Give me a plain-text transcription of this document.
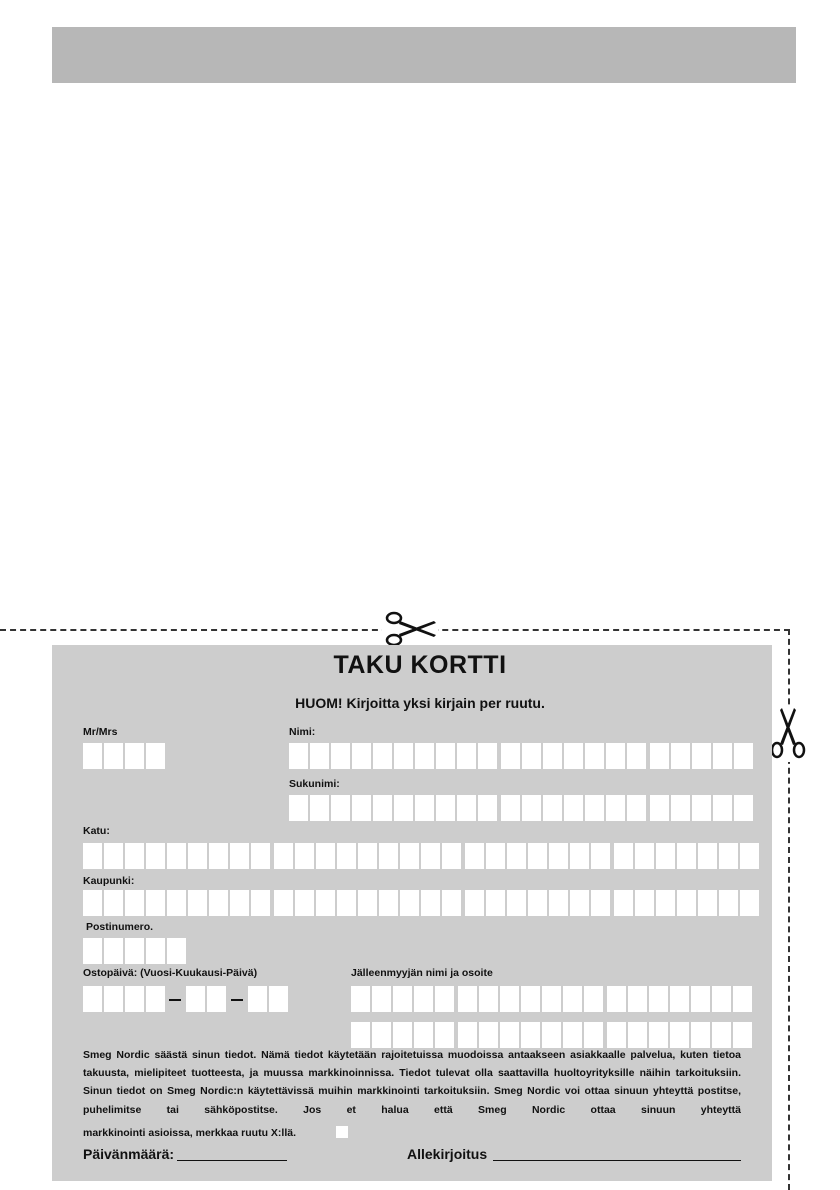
TAKU KORTTI
HUOM! Kirjoitta yksi kirjain per ruutu.
Mr/Mrs	Nimi:
Sukunimi:
Katu:
Kaupunki:
Postinumero.
Ostopäivä: (Vuosi-Kuukausi-Päivä)	Jälleenmyyjän nimi ja osoite
Smeg Nordic säästä sinun tiedot. Nämä tiedot käytetään rajoitetuissa muodoissa antaakseen asiakkaalle palvelua, kuten tietoa takuusta, mielipiteet tuotteesta, ja muussa markkinoinnissa. Tiedot tulevat olla saattavilla huoltoyrityksille näihin tarkoituksiin. Sinun tiedot on Smeg Nordic:n käytettävissä muihin markkinointi tarkoituksiin. Smeg Nordic voi ottaa sinuun yhteyttä postitse, puhelimitse tai sähköpostitse. Jos et halua että Smeg Nordic ottaa sinuun yhteyttä
markkinointi asioissa, merkkaa ruutu X:llä.
Päivänmäärä:	Allekirjoitus
